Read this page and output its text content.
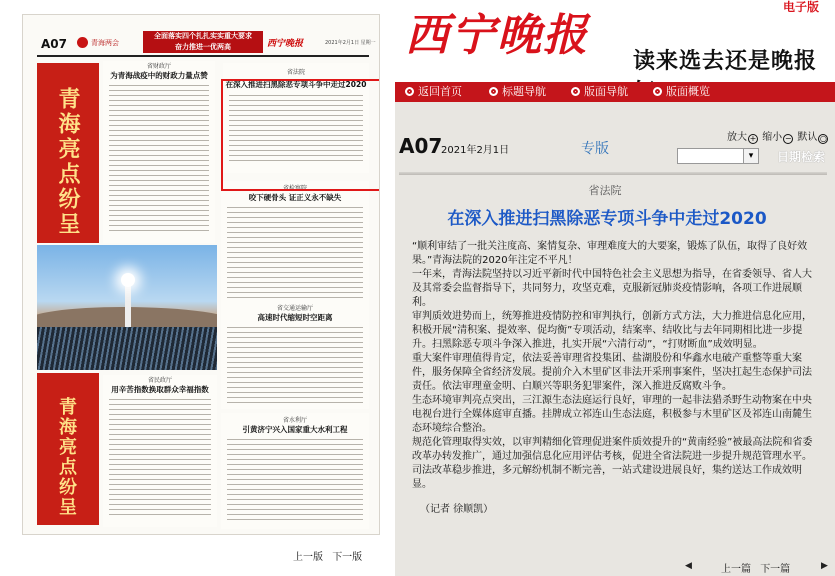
A07	青海两会
全面落实四个扎扎实实重大要求
奋力推进一优两高	西宁晚报	2021年2月1日 星期一
青海亮点纷呈
省财政厅
为青海战疫中的财政力量点赞	省法院
在深入推进扫黑除恶专项斗争中走过2020
省检察院
咬下硬骨头 证正义永不缺失
省交通运输厅
高速时代缩短时空距离
青海亮点纷呈
省民政厅
用辛苦指数换取群众幸福指数
省水利厅
引黄济宁兴入国家重大水利工程
上一版 下一版
西宁晚报
读来选去还是晚报
电子版
返回首页	标题导航	版面导航	版面概览
A07
2021年2月1日	专版
放大 + 缩小 − 默认 ○
▾	日期检索
省法院
在深入推进扫黑除恶专项斗争中走过2020

“顺利审结了一批关注度高、案情复杂、审理难度大的大要案，锻炼了队伍，取得了良好效果。”青海法院的2020年注定不平凡！

一年来，青海法院坚持以习近平新时代中国特色社会主义思想为指导，在省委领导、省人大及其常委会监督指导下，共同努力，攻坚克难，克服新冠肺炎疫情影响，各项工作进展顺利。

审判质效进势而上，统筹推进疫情防控和审判执行，创新方式方法，大力推进信息化应用，积极开展“清积案、提效率、促均衡”专项活动，结案率、结收比与去年同期相比进一步提升。扫黑除恶专项斗争深入推进，扎实开展“六清行动”，“打财断血”成效明显。

重大案件审理值得肯定，依法妥善审理省投集团、盐湖股份和华鑫水电破产重整等重大案件，服务保障全省经济发展。提前介入木里矿区非法开采刑事案件，坚决扛起生态保护司法责任。依法审理童金明、白顺兴等职务犯罪案件，深入推进反腐败斗争。

生态环境审判亮点突出，三江源生态法庭运行良好，审理的一起非法猎杀野生动物案在中央电视台进行全媒体庭审直播。挂牌成立祁连山生态法庭，积极参与木里矿区及祁连山南麓生态环境综合整治。

规范化管理取得实效，以审判精细化管理促进案件质效提升的“黄南经验”被最高法院和省委改革办转发推广，通过加强信息化应用评估考核，促进全省法院进一步提升规范管理水平。

司法改革稳步推进，多元解纷机制不断完善，一站式建设进展良好，集约送达工作成效明显。

（记者 徐顺凯）
◀	上一篇 下一篇	▶
